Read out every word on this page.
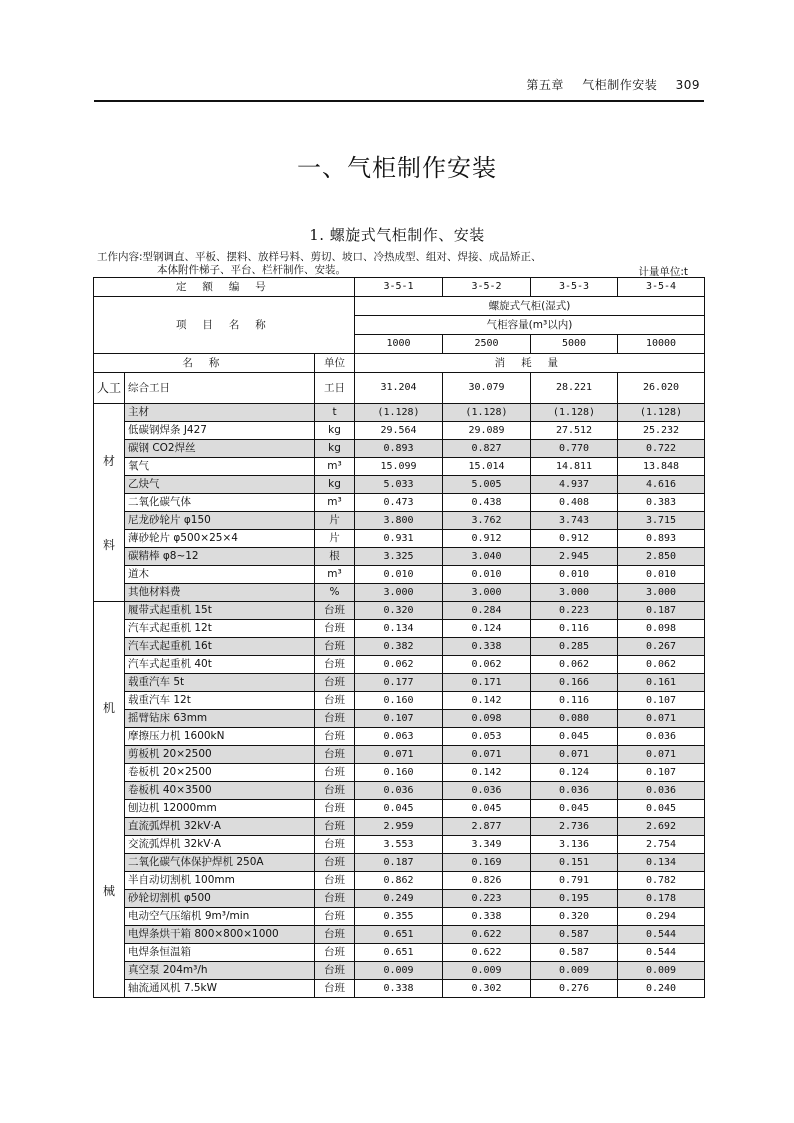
第五章 气柜制作安装 309
一、气柜制作安装
1. 螺旋式气柜制作、安装
工作内容:型钢调直、平板、摆料、放样号料、剪切、坡口、冷热成型、组对、焊接、成品矫正、
本体附件梯子、平台、栏杆制作、安装。	计量单位:t
定 额 编 号			3-5-1	3-5-2	3-5-3	3-5-4
项 目 名 称			螺旋式气柜(湿式)			
			气柜容量(m³以内)			
			1000	2500	5000	10000
名 称		单位	消 耗 量			
人工	综合工日	工日	31.204	30.079	28.221	26.020

材
料	主材	t	(1.128)	(1.128)	(1.128)	(1.128)
	低碳钢焊条 J427	kg	29.564	29.089	27.512	25.232
	碳钢 CO2焊丝	kg	0.893	0.827	0.770	0.722
	氧气	m³	15.099	15.014	14.811	13.848
	乙炔气	kg	5.033	5.005	4.937	4.616
	二氧化碳气体	m³	0.473	0.438	0.408	0.383
	尼龙砂轮片 φ150	片	3.800	3.762	3.743	3.715
	薄砂轮片 φ500×25×4	片	0.931	0.912	0.912	0.893
	碳精棒 φ8~12	根	3.325	3.040	2.945	2.850
	道木	m³	0.010	0.010	0.010	0.010
	其他材料费	%	3.000	3.000	3.000	3.000

机
械	履带式起重机 15t	台班	0.320	0.284	0.223	0.187
	汽车式起重机 12t	台班	0.134	0.124	0.116	0.098
	汽车式起重机 16t	台班	0.382	0.338	0.285	0.267
	汽车式起重机 40t	台班	0.062	0.062	0.062	0.062
	载重汽车 5t	台班	0.177	0.171	0.166	0.161
	载重汽车 12t	台班	0.160	0.142	0.116	0.107
	摇臂钻床 63mm	台班	0.107	0.098	0.080	0.071
	摩擦压力机 1600kN	台班	0.063	0.053	0.045	0.036
	剪板机 20×2500	台班	0.071	0.071	0.071	0.071
	卷板机 20×2500	台班	0.160	0.142	0.124	0.107
	卷板机 40×3500	台班	0.036	0.036	0.036	0.036
	刨边机 12000mm	台班	0.045	0.045	0.045	0.045
	直流弧焊机 32kV·A	台班	2.959	2.877	2.736	2.692
	交流弧焊机 32kV·A	台班	3.553	3.349	3.136	2.754
	二氧化碳气体保护焊机 250A	台班	0.187	0.169	0.151	0.134
	半自动切割机 100mm	台班	0.862	0.826	0.791	0.782
	砂轮切割机 φ500	台班	0.249	0.223	0.195	0.178
	电动空气压缩机 9m³/min	台班	0.355	0.338	0.320	0.294
	电焊条烘干箱 800×800×1000	台班	0.651	0.622	0.587	0.544
	电焊条恒温箱	台班	0.651	0.622	0.587	0.544
	真空泵 204m³/h	台班	0.009	0.009	0.009	0.009
	轴流通风机 7.5kW	台班	0.338	0.302	0.276	0.240
